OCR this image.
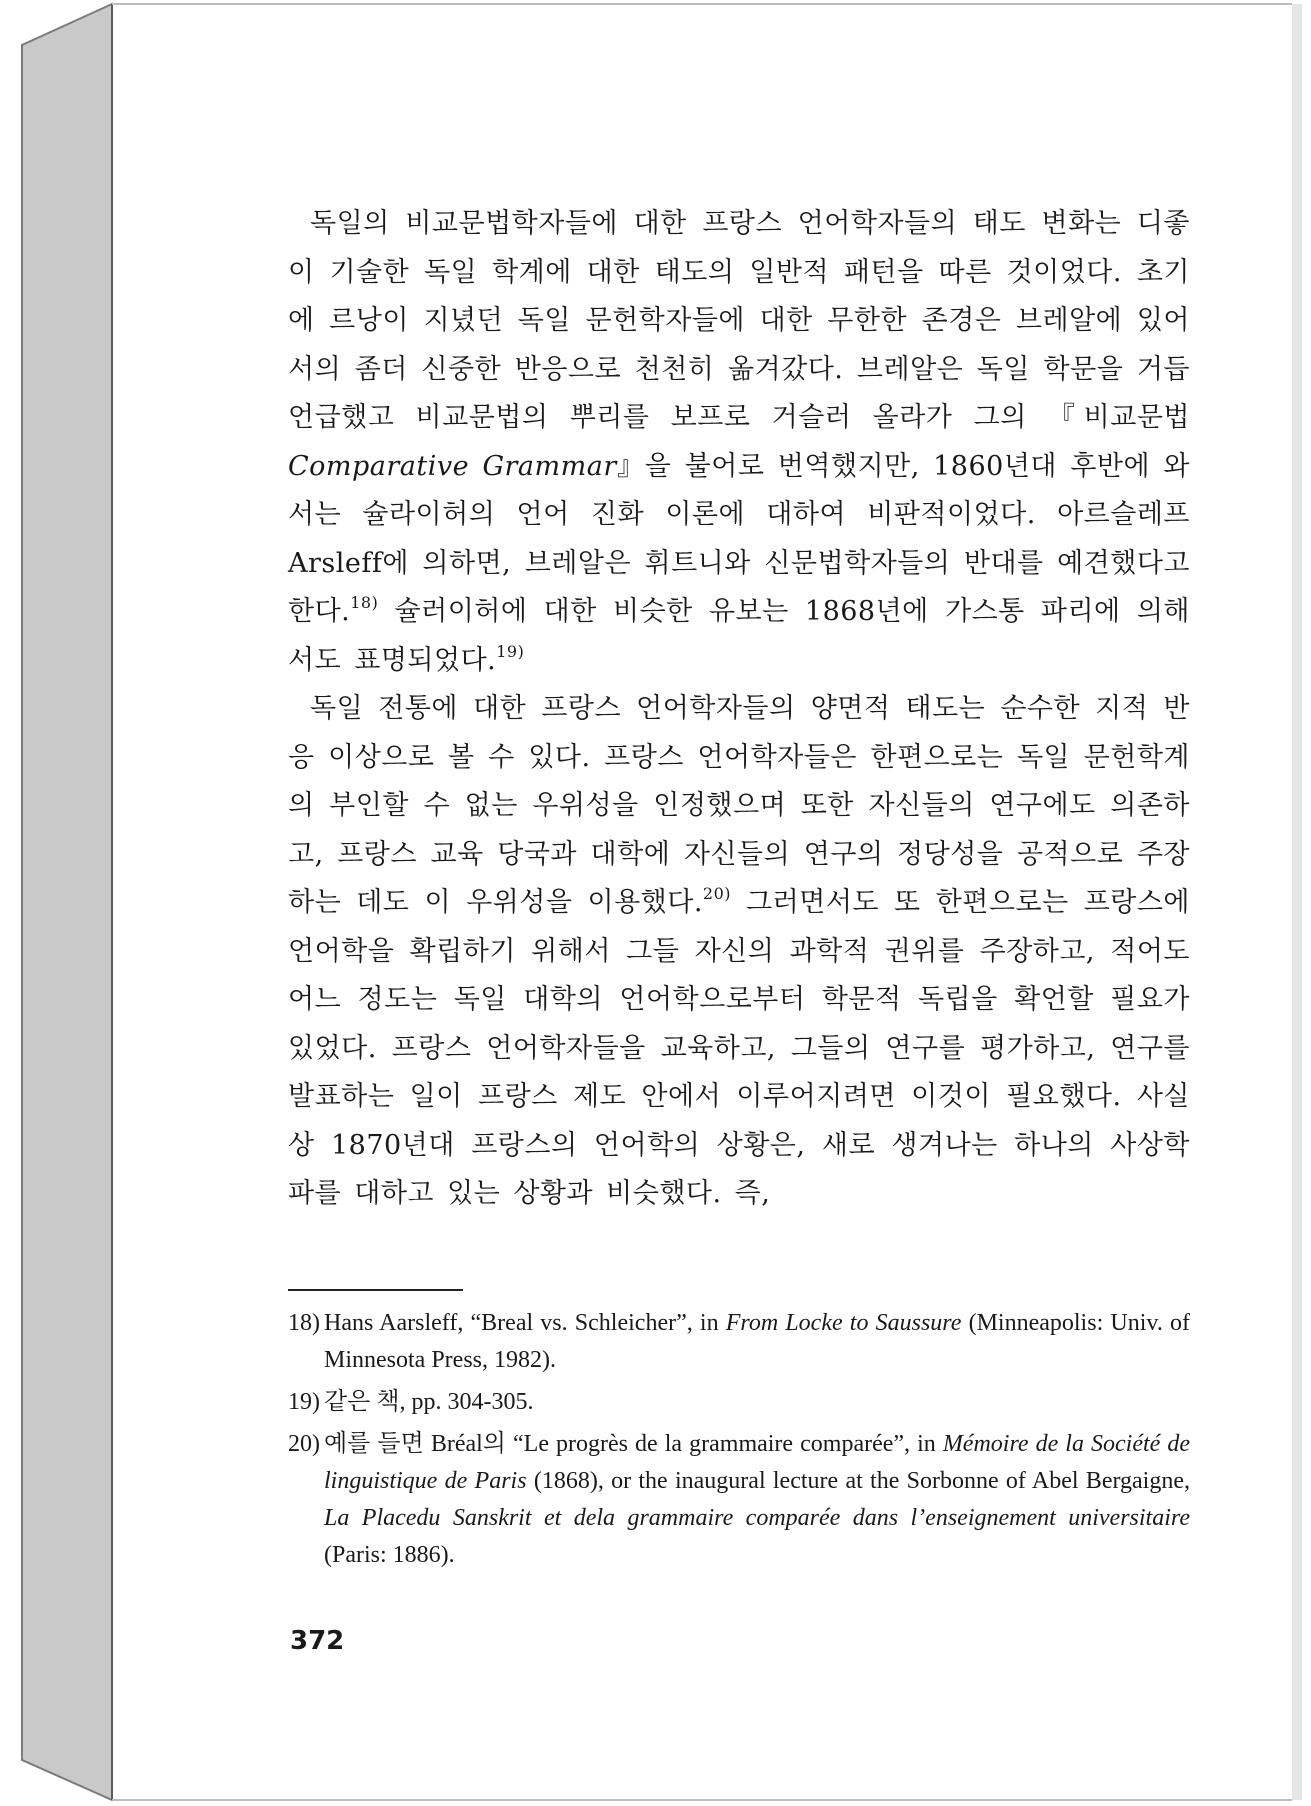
독일의 비교문법학자들에 대한 프랑스 언어학자들의 태도 변화는 디좋이 기술한 독일 학계에 대한 태도의 일반적 패턴을 따른 것이었다. 초기에 르낭이 지녔던 독일 문헌학자들에 대한 무한한 존경은 브레알에 있어서의 좀더 신중한 반응으로 천천히 옮겨갔다. 브레알은 독일 학문을 거듭 언급했고 비교문법의 뿌리를 보프로 거슬러 올라가 그의 『비교문법 Comparative Grammar』을 불어로 번역했지만, 1860년대 후반에 와서는 슐라이허의 언어 진화 이론에 대하여 비판적이었다. 아르슬레프 Arsleff에 의하면, 브레알은 휘트니와 신문법학자들의 반대를 예견했다고 한다.$^{18)}$ 슐러이허에 대한 비슷한 유보는 1868년에 가스통 파리에 의해서도 표명되었다.$^{19)}$

독일 전통에 대한 프랑스 언어학자들의 양면적 태도는 순수한 지적 반응 이상으로 볼 수 있다. 프랑스 언어학자들은 한편으로는 독일 문헌학계의 부인할 수 없는 우위성을 인정했으며 또한 자신들의 연구에도 의존하고, 프랑스 교육 당국과 대학에 자신들의 연구의 정당성을 공적으로 주장하는 데도 이 우위성을 이용했다.$^{20)}$ 그러면서도 또 한편으로는 프랑스에 언어학을 확립하기 위해서 그들 자신의 과학적 권위를 주장하고, 적어도 어느 정도는 독일 대학의 언어학으로부터 학문적 독립을 확언할 필요가 있었다. 프랑스 언어학자들을 교육하고, 그들의 연구를 평가하고, 연구를 발표하는 일이 프랑스 제도 안에서 이루어지려면 이것이 필요했다. 사실상 1870년대 프랑스의 언어학의 상황은, 새로 생겨나는 하나의 사상학파를 대하고 있는 상황과 비슷했다. 즉,

18) Hans Aarsleff, “Breal vs. Schleicher”, in From Locke to Saussure (Minneapolis: Univ. of Minnesota Press, 1982).
19) 같은 책, pp. 304-305.
20) 예를 들면 Bréal의 “Le progrès de la grammaire comparée”, in Mémoire de la Société de linguistique de Paris (1868), or the inaugural lecture at the Sorbonne of Abel Bergaigne, La Placedu Sanskrit et dela grammaire comparée dans l’enseignement universitaire (Paris: 1886).
372
